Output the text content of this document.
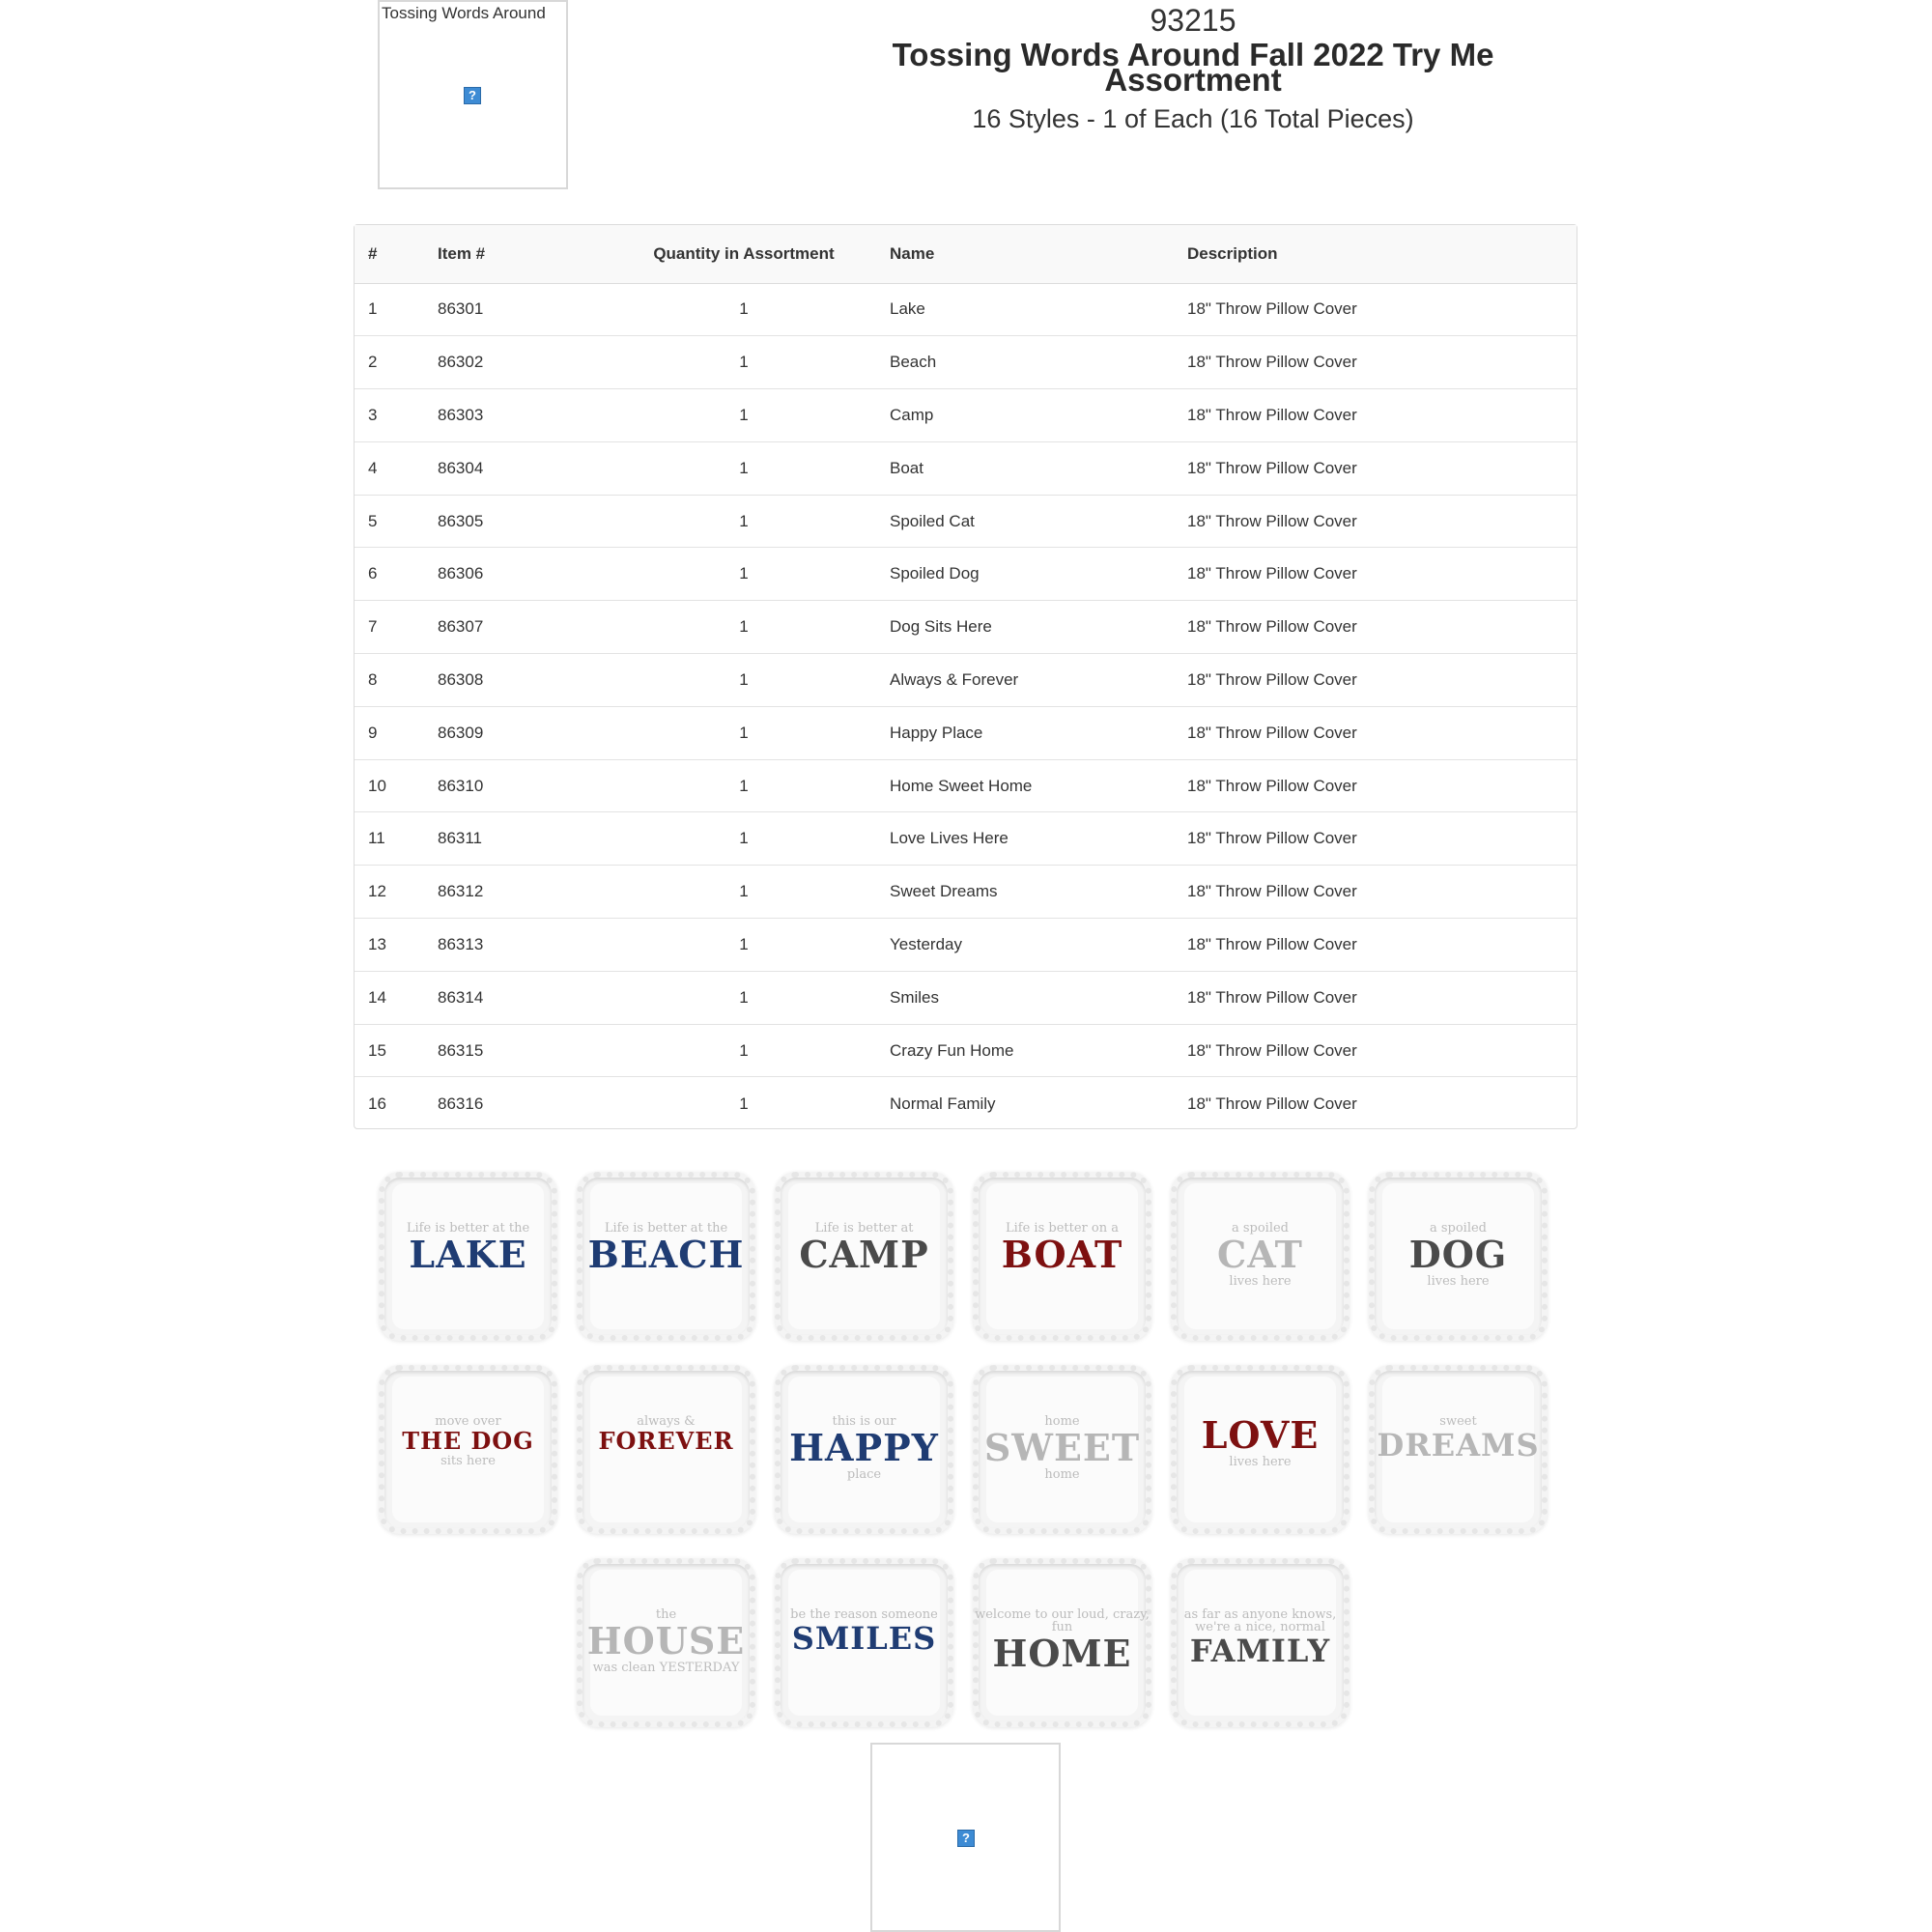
Tossing Words Around
?
93215
Tossing Words Around Fall 2022 Try Me
Assortment
16 Styles - 1 of Each (16 Total Pieces)
#	Item #	Quantity in Assortment	Name	Description
1	86301	1	Lake	18" Throw Pillow Cover
2	86302	1	Beach	18" Throw Pillow Cover
3	86303	1	Camp	18" Throw Pillow Cover
4	86304	1	Boat	18" Throw Pillow Cover
5	86305	1	Spoiled Cat	18" Throw Pillow Cover
6	86306	1	Spoiled Dog	18" Throw Pillow Cover
7	86307	1	Dog Sits Here	18" Throw Pillow Cover
8	86308	1	Always & Forever	18" Throw Pillow Cover
9	86309	1	Happy Place	18" Throw Pillow Cover
10	86310	1	Home Sweet Home	18" Throw Pillow Cover
11	86311	1	Love Lives Here	18" Throw Pillow Cover
12	86312	1	Sweet Dreams	18" Throw Pillow Cover
13	86313	1	Yesterday	18" Throw Pillow Cover
14	86314	1	Smiles	18" Throw Pillow Cover
15	86315	1	Crazy Fun Home	18" Throw Pillow Cover
16	86316	1	Normal Family	18" Throw Pillow Cover
Life is better at the
LAKE
Life is better at the
BEACH
Life is better at
CAMP
Life is better on a
BOAT
a spoiled
CAT
lives here
a spoiled
DOG
lives here
move over
THE DOG
sits here
always &
FOREVER
this is our
HAPPY
place
home
SWEET
home
LOVE
lives here
sweet
DREAMS
the
HOUSE
was clean YESTERDAY
be the reason someone
SMILES
welcome to our loud, crazy, fun
HOME
as far as anyone knows, we're a nice, normal
FAMILY
?
